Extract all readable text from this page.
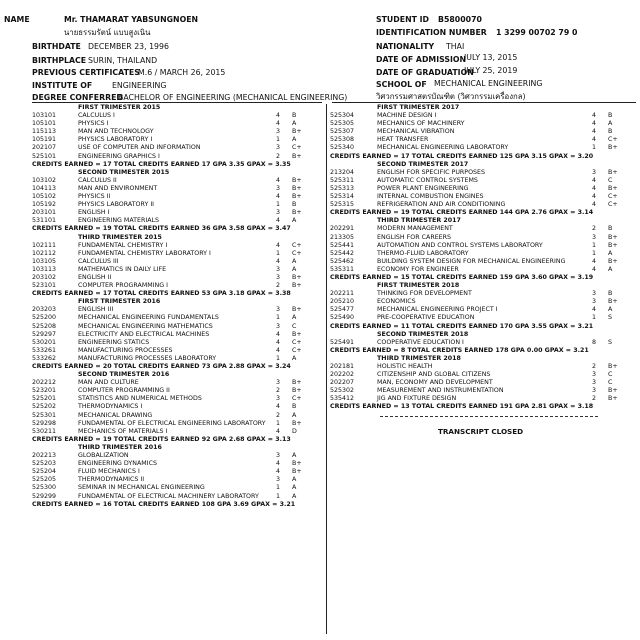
NAME	Mr. THAMARAT YABSUNGNOEN
นายธรรมรัตน์ แบบสูงเนิน
BIRTHDATE DECEMBER 23, 1996
BIRTHPLACE SURIN, THAILAND
PREVIOUS CERTIFICATES
M.6 / MARCH 26, 2015
INSTITUTE OF	ENGINEERING
DEGREE CONFERRED
BACHELOR OF ENGINEERING (MECHANICAL ENGINEERING)
STUDENT ID B5800070
IDENTIFICATION NUMBER 1 3299 00702 79 0
NATIONALITY THAI
DATE OF ADMISSION
JULY 13, 2015
DATE OF GRADUATION
JULY 25, 2019
SCHOOL OF MECHANICAL ENGINEERING
วิศวกรรมศาสตรบัณฑิต (วิศวกรรมเครื่องกล)
FIRST TRIMESTER 2015
103101	CALCULUS I	4 B
105101	PHYSICS I	4 A
115113	MAN AND TECHNOLOGY	3 B+
105191	PHYSICS LABORATORY I	1 A
202107	USE OF COMPUTER AND INFORMATION	3 C+
525101	ENGINEERING GRAPHICS I	2 B+
CREDITS EARNED = 17 TOTAL CREDITS EARNED 17 GPA 3.35 GPAX = 3.35
SECOND TRIMESTER 2015
103102	CALCULUS II	4 B+
104113	MAN AND ENVIRONMENT	3 B+
105102	PHYSICS II	4 B+
105192	PHYSICS LABORATORY II	1 B
203101	ENGLISH I	3 B+
531101	ENGINEERING MATERIALS	4 A
CREDITS EARNED = 19 TOTAL CREDITS EARNED 36 GPA 3.58 GPAX = 3.47
THIRD TRIMESTER 2015
102111	FUNDAMENTAL CHEMISTRY I	4 C+
102112	FUNDAMENTAL CHEMISTRY LABORATORY I	1 C+
103105	CALCULUS III	4 A
103113	MATHEMATICS IN DAILY LIFE	3 A
203102	ENGLISH II	3 B+
523101	COMPUTER PROGRAMMING I	2 B+
CREDITS EARNED = 17 TOTAL CREDITS EARNED 53 GPA 3.18 GPAX = 3.38
FIRST TRIMESTER 2016
203203	ENGLISH III	3 B+
525200	MECHANICAL ENGINEERING FUNDAMENTALS	1 A
525208	MECHANICAL ENGINEERING MATHEMATICS	3 C
529297	ELECTRICITY AND ELECTRICAL MACHINES	4 B+
530201	ENGINEERING STATICS	4 C+
533261	MANUFACTURING PROCESSES	4 C+
533262	MANUFACTURING PROCESSES LABORATORY	1 A
CREDITS EARNED = 20 TOTAL CREDITS EARNED 73 GPA 2.88 GPAX = 3.24
SECOND TRIMESTER 2016
202212	MAN AND CULTURE	3 B+
523201	COMPUTER PROGRAMMING II	2 B+
525201	STATISTICS AND NUMERICAL METHODS	3 C+
525202	THERMODYNAMICS I	4 B
525301	MECHANICAL DRAWING	2 A
529298	FUNDAMENTAL OF ELECTRICAL ENGINEERING LABORATORY 1 B+
530211	MECHANICS OF MATERIALS I	4 D
CREDITS EARNED = 19 TOTAL CREDITS EARNED 92 GPA 2.68 GPAX = 3.13
THIRD TRIMESTER 2016
202213	GLOBALIZATION	3 A
525203	ENGINEERING DYNAMICS	4 B+
525204	FLUID MECHANICS I	4 B+
525205	THERMODYNAMICS II	3 A
525300	SEMINAR IN MECHANICAL ENGINEERING	1 A
529299	FUNDAMENTAL OF ELECTRICAL MACHINERY LABORATORY	1 A
CREDITS EARNED = 16 TOTAL CREDITS EARNED 108 GPA 3.69 GPAX = 3.21
FIRST TRIMESTER 2017
525304	MACHINE DESIGN I	4 B
525305	MECHANICS OF MACHINERY	4 A
525307	MECHANICAL VIBRATION	4 B
525308	HEAT TRANSFER	4 C+
525340	MECHANICAL ENGINEERING LABORATORY	1 B+
CREDITS EARNED = 17 TOTAL CREDITS EARNED 125 GPA 3.15 GPAX = 3.20
SECOND TRIMESTER 2017
213204	ENGLISH FOR SPECIFIC PURPOSES	3 B+
525311	AUTOMATIC CONTROL SYSTEMS	4 C
525313	POWER PLANT ENGINEERING	4 B+
525314	INTERNAL COMBUSTION ENGINES	4 C+
525315	REFRIGERATION AND AIR CONDITIONING	4 C+
CREDITS EARNED = 19 TOTAL CREDITS EARNED 144 GPA 2.76 GPAX = 3.14
THIRD TRIMESTER 2017
202291	MODERN MANAGEMENT	2 B
213305	ENGLISH FOR CAREERS	3 B+
525441	AUTOMATION AND CONTROL SYSTEMS LABORATORY	1 B+
525442	THERMO-FLUID LABORATORY	1 A
525462	BUILDING SYSTEM DESIGN FOR MECHANICAL ENGINEERING	4 B+
535311	ECONOMY FOR ENGINEER	4 A
CREDITS EARNED = 15 TOTAL CREDITS EARNED 159 GPA 3.60 GPAX = 3.19
FIRST TRIMESTER 2018
202211	THINKING FOR DEVELOPMENT	3 B
205210	ECONOMICS	3 B+
525477	MECHANICAL ENGINEERING PROJECT I	4 A
525490	PRE-COOPERATIVE EDUCATION	1 S
CREDITS EARNED = 11 TOTAL CREDITS EARNED 170 GPA 3.55 GPAX = 3.21
SECOND TRIMESTER 2018
525491	COOPERATIVE EDUCATION I	8 S
CREDITS EARNED = 8 TOTAL CREDITS EARNED 178 GPA 0.00 GPAX = 3.21
THIRD TRIMESTER 2018
202181	HOLISTIC HEALTH	2 B+
202202	CITIZENSHIP AND GLOBAL CITIZENS	3 C
202207	MAN, ECONOMY AND DEVELOPMENT	3 C
525302	MEASUREMENT AND INSTRUMENTATION	3 B+
535412	JIG AND FIXTURE DESIGN	2 B+
CREDITS EARNED = 13 TOTAL CREDITS EARNED 191 GPA 2.81 GPAX = 3.18
TRANSCRIPT CLOSED
